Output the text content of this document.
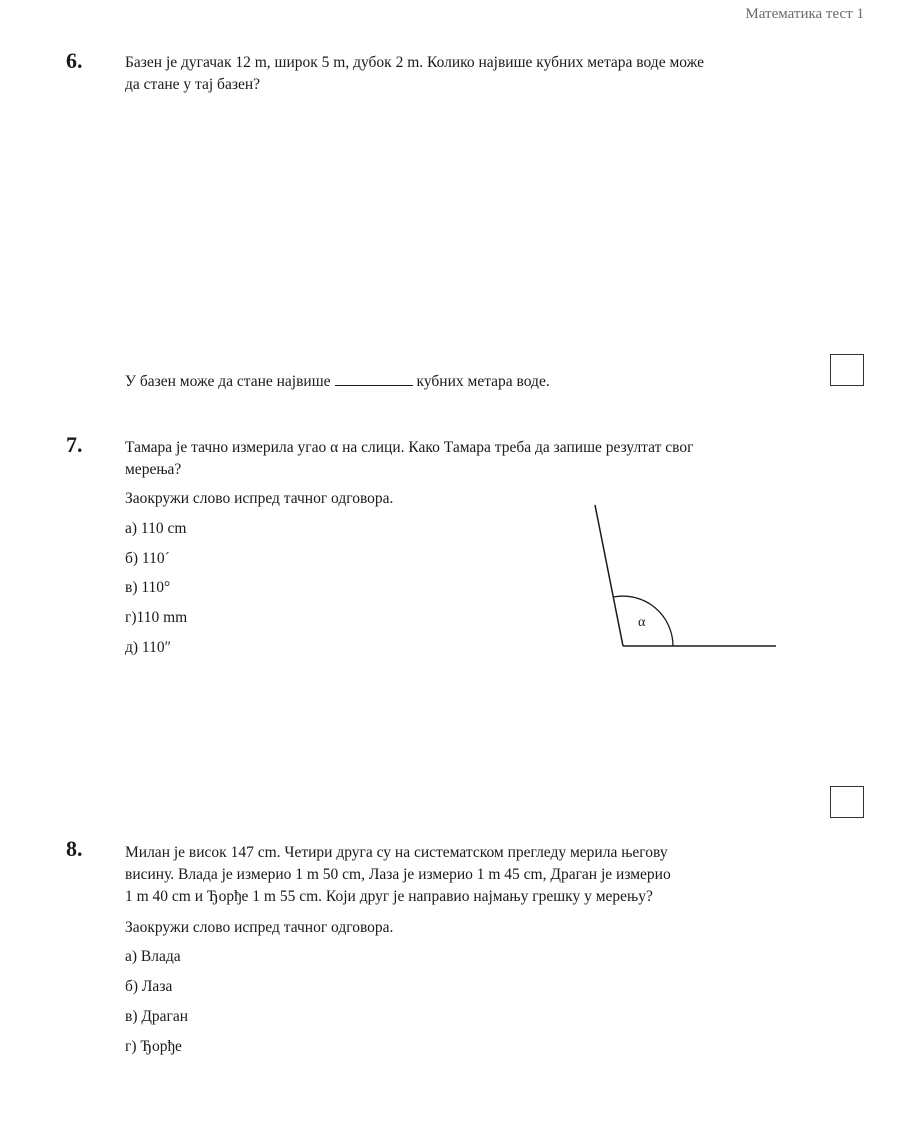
Математика тест 1
6.	Базен је дугачак 12 m, широк 5 m, дубок 2 m. Колико највише кубних метара воде може
да стане у тај базен?
У базен може да стане највише	кубних метара воде.
7.	Тамара је тачно измерила угао α на слици. Како Тамара треба да запише резултат свог
мерења?
Заокружи слово испред тачног одговора.
а) 110 cm
б) 110´
в) 110°
г)110 mm
д) 110″
α
8.	Милан је висок 147 cm. Четири друга су на систематском прегледу мерила његову
висину. Влада је измерио 1 m 50 cm, Лаза је измерио 1 m 45 cm, Драган је измерио
1 m 40 cm и Ђорђе 1 m 55 cm. Који друг је направио најмању грешку у мерењу?
Заокружи слово испред тачног одговора.
а) Влада
б) Лаза
в) Драган
г) Ђорђе
